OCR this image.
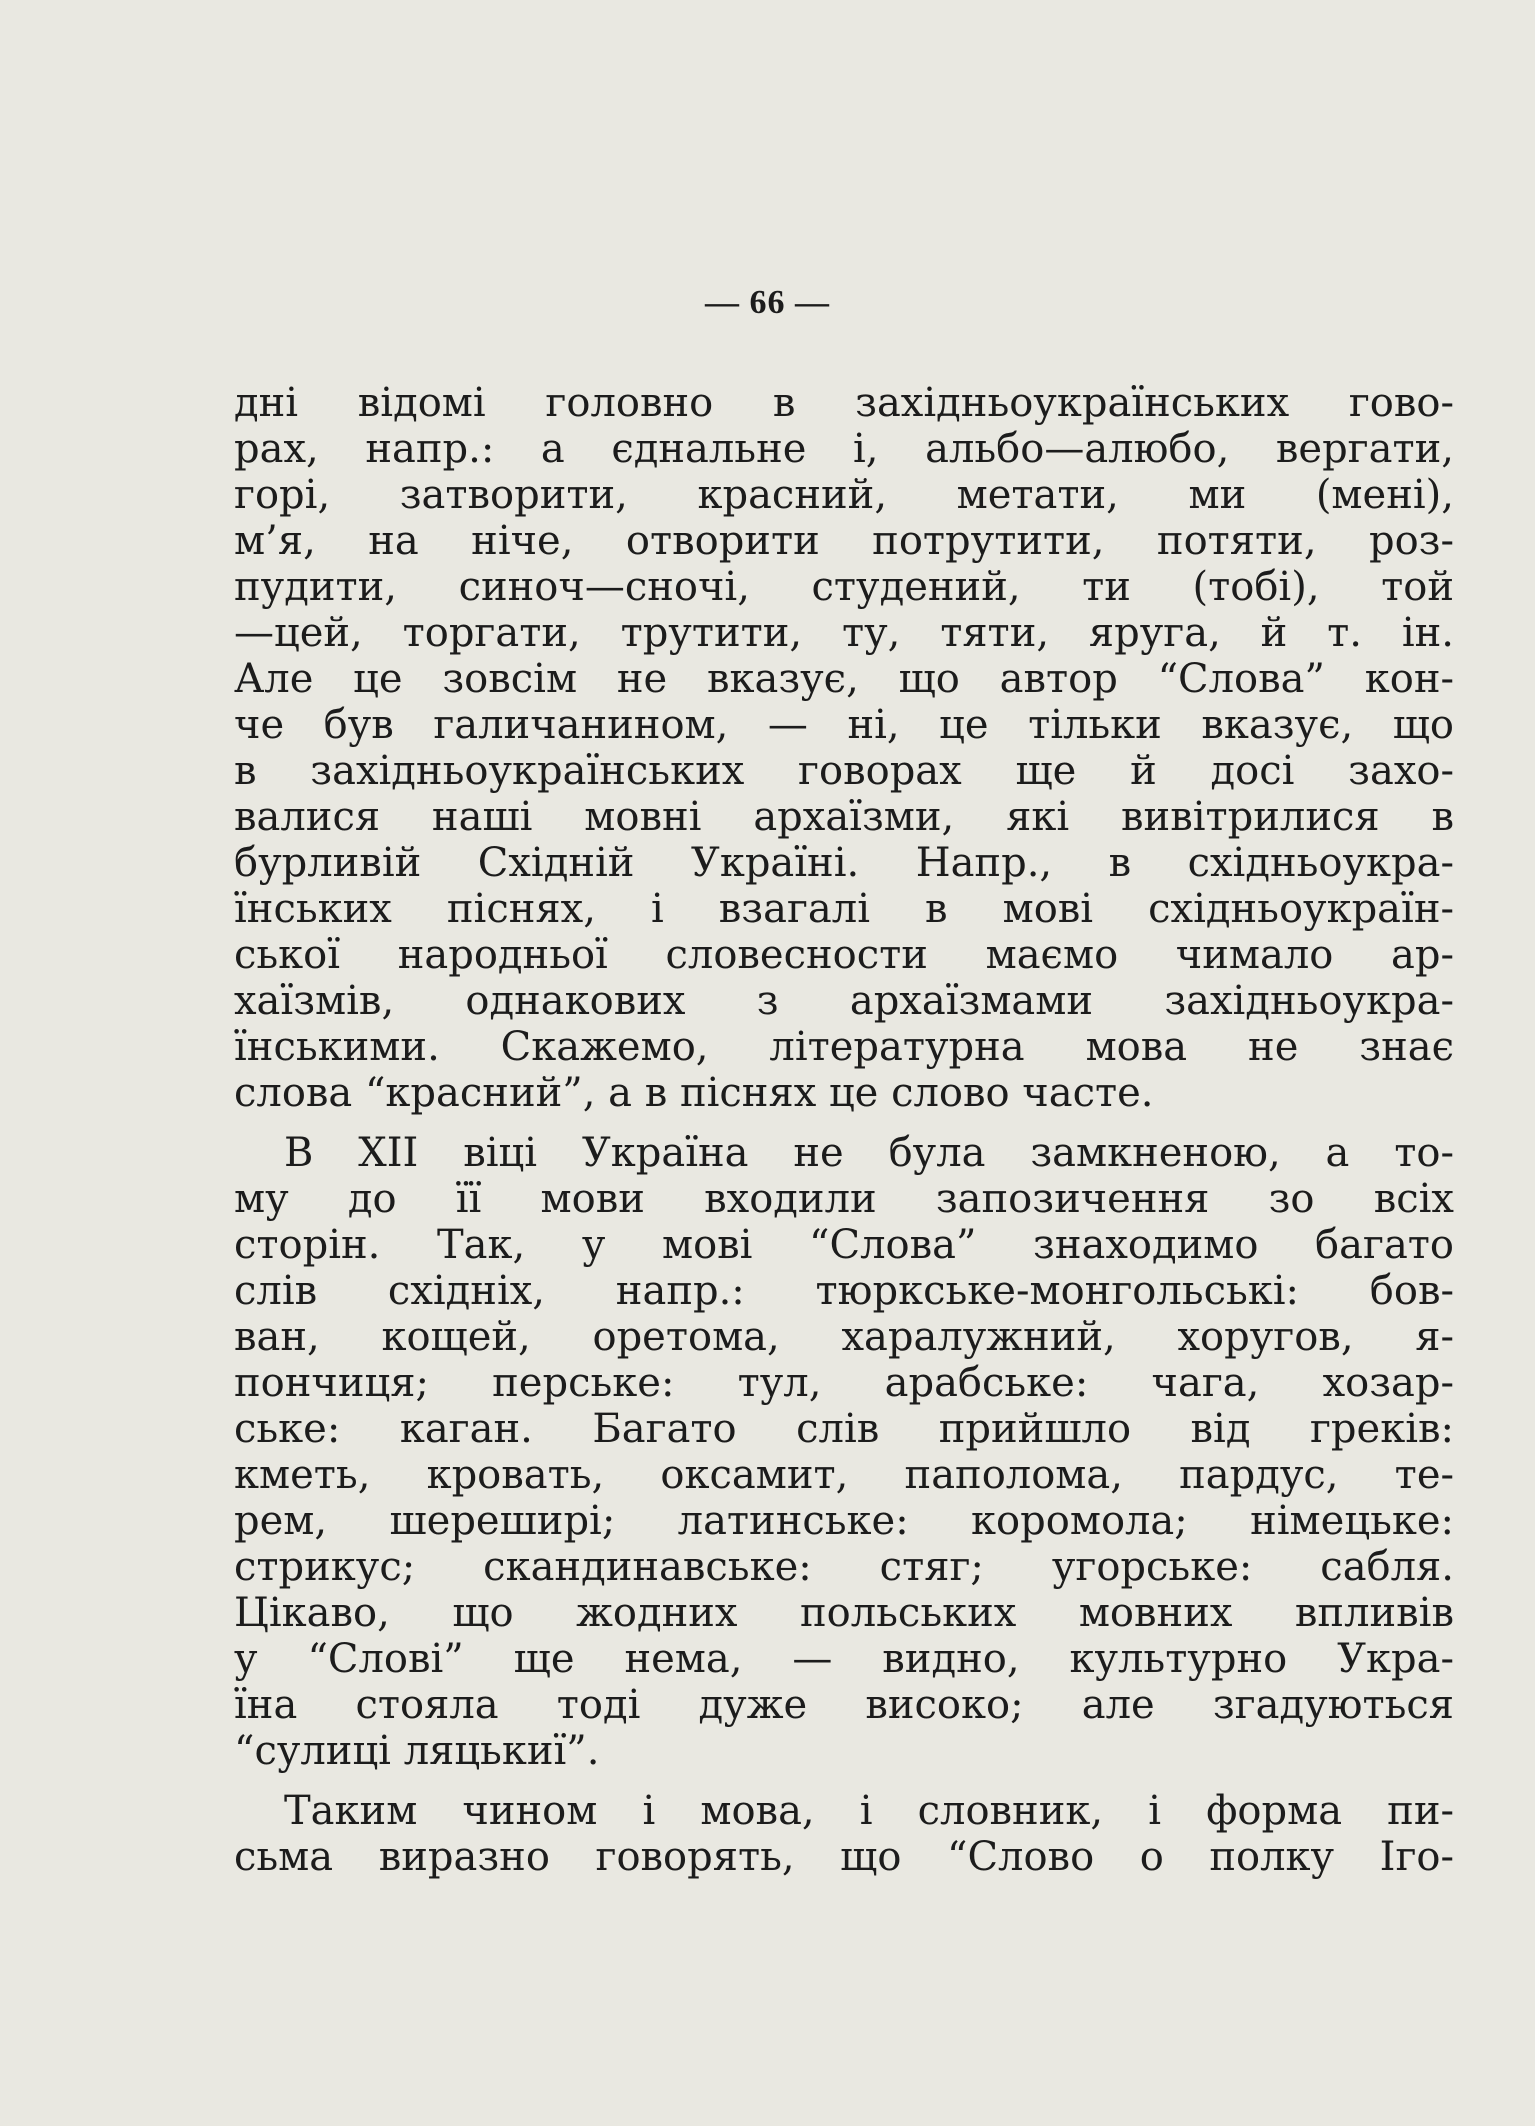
— 66 —
дні відомі головно в західньоукраїнських гово-
рах, напр.: а єднальне і, альбо—алюбо, вергати,
горі, затворити, красний, метати, ми (мені),
м’я, на ніче, отворити потрутити, потяти, роз-
пудити, синоч—сночі, студений, ти (тобі), той
—цей, торгати, трутити, ту, тяти, яруга, й т. ін.
Але це зовсім не вказує, що автор “Слова” кон-
че був галичанином, — ні, це тільки вказує, що
в західньоукраїнських говорах ще й досі захо-
валися наші мовні архаїзми, які вивітрилися в
бурливій Східній Україні. Напр., в східньоукра-
їнських піснях, і взагалі в мові східньоукраїн-
ської народньої словесности маємо чимало ар-
хаїзмів, однакових з архаїзмами західньоукра-
їнськими. Скажемо, літературна мова не знає
слова “красний”, а в піснях це слово часте.
В XII віці Україна не була замкненою, а то-
му до її мови входили запозичення зо всіх
сторін. Так, у мові “Слова” знаходимо багато
слів східніх, напр.: тюркське-монгольські: бов-
ван, кощей, оретома, харалужний, хоругов, я-
пончиця; перське: тул, арабське: чага, хозар-
ське: каган. Багато слів прийшло від греків:
кметь, кровать, оксамит, паполома, пардус, те-
рем, шереширі; латинське: коромола; німецьке:
стрикус; скандинавське: стяг; угорське: сабля.
Цікаво, що жодних польських мовних впливів
у “Слові” ще нема, — видно, культурно Укра-
їна стояла тоді дуже високо; але згадуються
“сулиці ляцькиї”.
Таким чином і мова, і словник, і форма пи-
сьма виразно говорять, що “Слово о полку Іго-
